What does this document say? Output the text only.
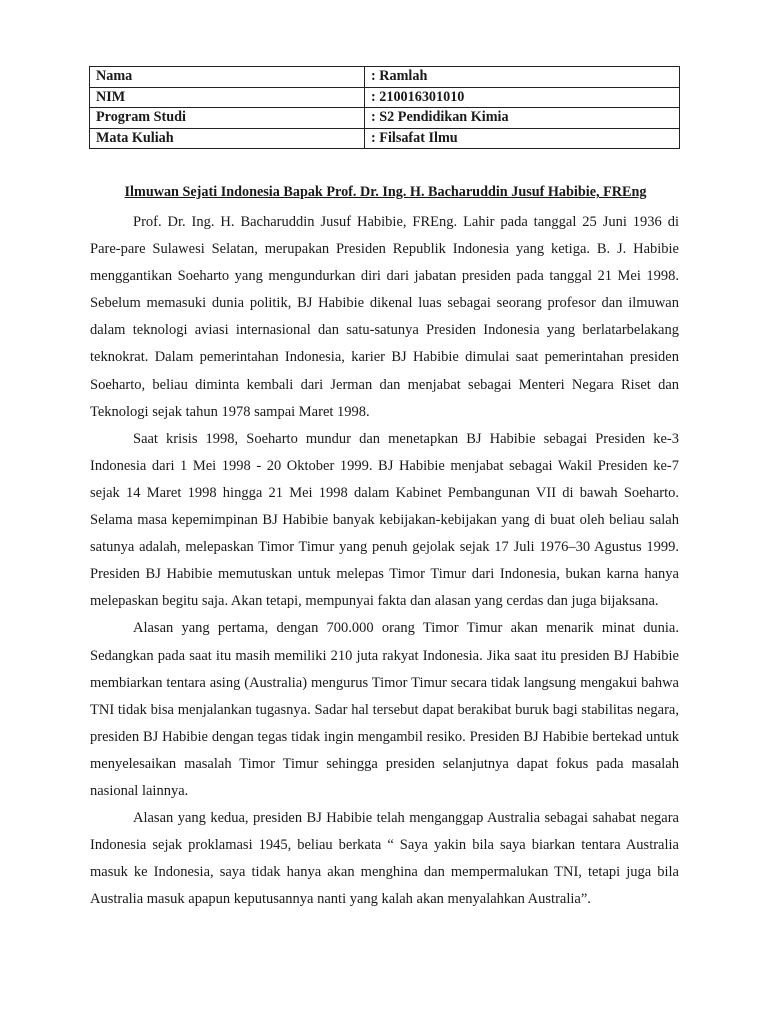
Nama	: Ramlah
NIM	: 210016301010
Program Studi	: S2 Pendidikan Kimia
Mata Kuliah	: Filsafat Ilmu
Ilmuwan Sejati Indonesia Bapak Prof. Dr. Ing. H. Bacharuddin Jusuf Habibie, FREng

Prof. Dr. Ing. H. Bacharuddin Jusuf Habibie, FREng. Lahir pada tanggal 25 Juni 1936 di Pare-pare Sulawesi Selatan, merupakan Presiden Republik Indonesia yang ketiga. B. J. Habibie menggantikan Soeharto yang mengundurkan diri dari jabatan presiden pada tanggal 21 Mei 1998. Sebelum memasuki dunia politik, BJ Habibie dikenal luas sebagai seorang profesor dan ilmuwan dalam teknologi aviasi internasional dan satu-satunya Presiden Indonesia yang berlatarbelakang teknokrat. Dalam pemerintahan Indonesia, karier BJ Habibie dimulai saat pemerintahan presiden Soeharto, beliau diminta kembali dari Jerman dan menjabat sebagai Menteri Negara Riset dan Teknologi sejak tahun 1978 sampai Maret 1998.

Saat krisis 1998, Soeharto mundur dan menetapkan BJ Habibie sebagai Presiden ke-3 Indonesia dari 1 Mei 1998 - 20 Oktober 1999. BJ Habibie menjabat sebagai Wakil Presiden ke-7 sejak 14 Maret 1998 hingga 21 Mei 1998 dalam Kabinet Pembangunan VII di bawah Soeharto. Selama masa kepemimpinan BJ Habibie banyak kebijakan-kebijakan yang di buat oleh beliau salah satunya adalah, melepaskan Timor Timur yang penuh gejolak sejak 17 Juli 1976–30 Agustus 1999. Presiden BJ Habibie memutuskan untuk melepas Timor Timur dari Indonesia, bukan karna hanya melepaskan begitu saja. Akan tetapi, mempunyai fakta dan alasan yang cerdas dan juga bijaksana.

Alasan yang pertama, dengan 700.000 orang Timor Timur akan menarik minat dunia. Sedangkan pada saat itu masih memiliki 210 juta rakyat Indonesia. Jika saat itu presiden BJ Habibie membiarkan tentara asing (Australia) mengurus Timor Timur secara tidak langsung mengakui bahwa TNI tidak bisa menjalankan tugasnya. Sadar hal tersebut dapat berakibat buruk bagi stabilitas negara, presiden BJ Habibie dengan tegas tidak ingin mengambil resiko. Presiden BJ Habibie bertekad untuk menyelesaikan masalah Timor Timur sehingga presiden selanjutnya dapat fokus pada masalah nasional lainnya.

Alasan yang kedua, presiden BJ Habibie telah menganggap Australia sebagai sahabat negara Indonesia sejak proklamasi 1945, beliau berkata “ Saya yakin bila saya biarkan tentara Australia masuk ke Indonesia, saya tidak hanya akan menghina dan mempermalukan TNI, tetapi juga bila Australia masuk apapun keputusannya nanti yang kalah akan menyalahkan Australia”.
